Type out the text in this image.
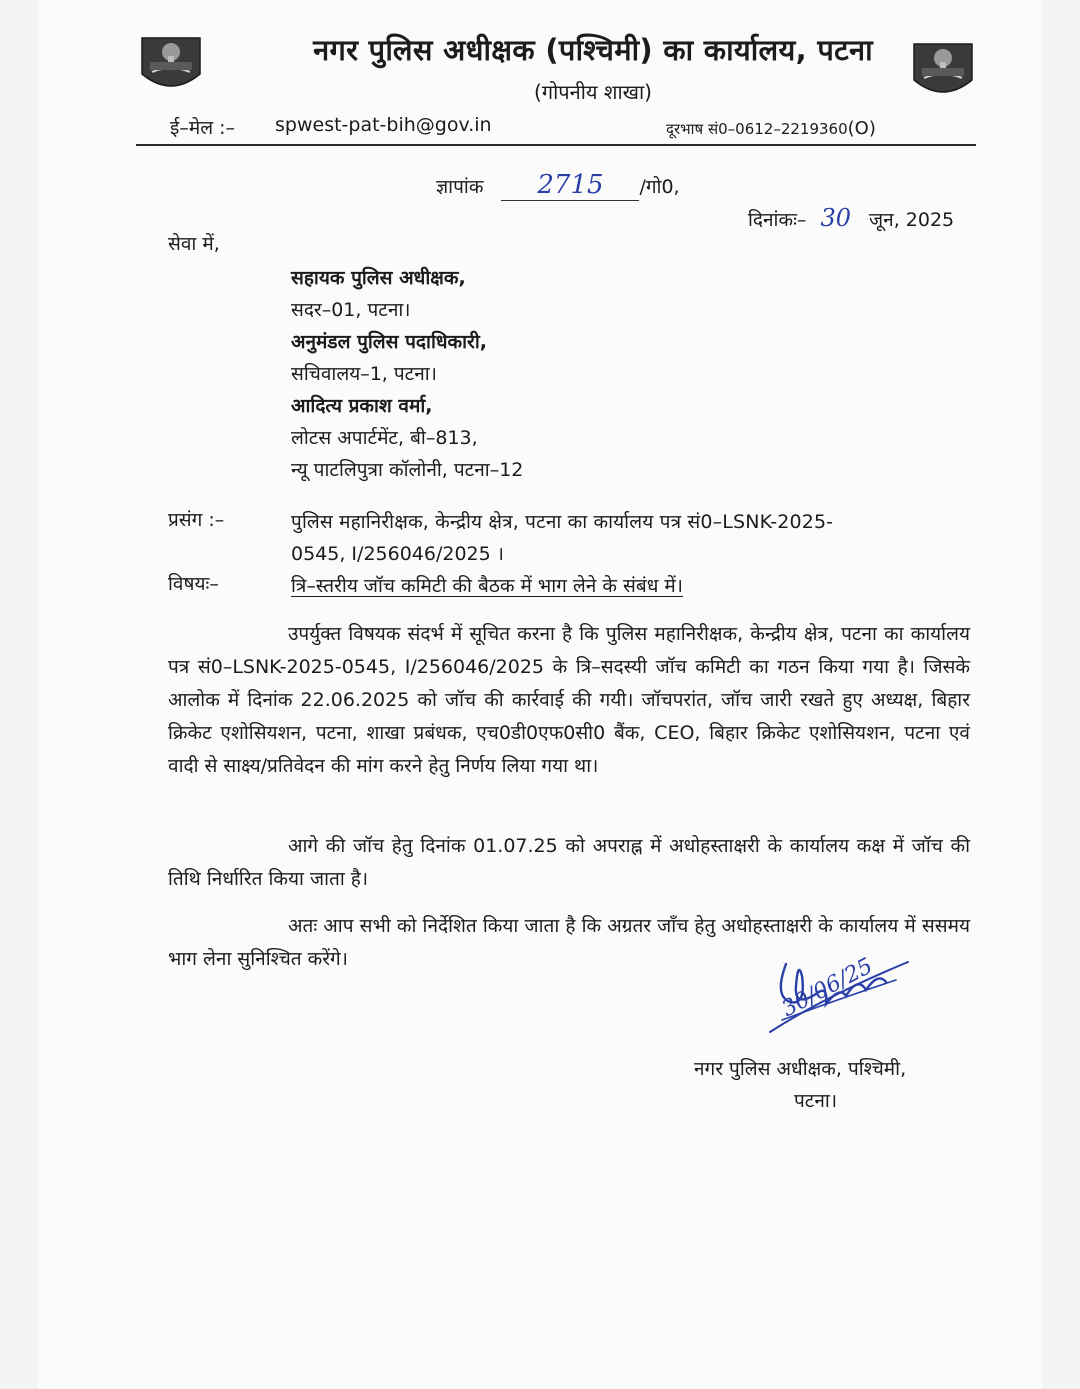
नगर पुलिस अधीक्षक (पश्चिमी) का कार्यालय, पटना
(गोपनीय शाखा)
ई–मेल :– spwest-pat-bih@gov.in	दूरभाष सं0–0612–2219360(O)
ज्ञापांक 2715 /गो0,
दिनांकः– 30 जून, 2025
सेवा में,
सहायक पुलिस अधीक्षक,
सदर–01, पटना।
अनुमंडल पुलिस पदाधिकारी,
सचिवालय–1, पटना।
आदित्य प्रकाश वर्मा,
लोटस अपार्टमेंट, बी–813,
न्यू पाटलिपुत्रा कॉलोनी, पटना–12
प्रसंग :–	पुलिस महानिरीक्षक, केन्द्रीय क्षेत्र, पटना का कार्यालय पत्र सं0–LSNK-2025-
0545, I/256046/2025 ।
विषयः–	त्रि–स्तरीय जॉच कमिटी की बैठक में भाग लेने के संबंध में।
उपर्युक्त विषयक संदर्भ में सूचित करना है कि पुलिस महानिरीक्षक, केन्द्रीय क्षेत्र, पटना का कार्यालय पत्र सं0–LSNK-2025-0545, I/256046/2025 के त्रि–सदस्यी जॉच कमिटी का गठन किया गया है। जिसके आलोक में दिनांक 22.06.2025 को जॉच की कार्रवाई की गयी। जॉचपरांत, जॉच जारी रखते हुए अध्यक्ष, बिहार क्रिकेट एशोसियशन, पटना, शाखा प्रबंधक, एच0डी0एफ0सी0 बैंक, CEO, बिहार क्रिकेट एशोसियशन, पटना एवं वादी से साक्ष्य/प्रतिवेदन की मांग करने हेतु निर्णय लिया गया था।
आगे की जॉच हेतु दिनांक 01.07.25 को अपराह्न में अधोहस्ताक्षरी के कार्यालय कक्ष में जॉच की तिथि निर्धारित किया जाता है।
अतः आप सभी को निर्देशित किया जाता है कि अग्रतर जॉंच हेतु अधोहस्ताक्षरी के कार्यालय में ससमय भाग लेना सुनिश्चित करेंगे।	30/06/25
नगर पुलिस अधीक्षक, पश्चिमी,
पटना।
